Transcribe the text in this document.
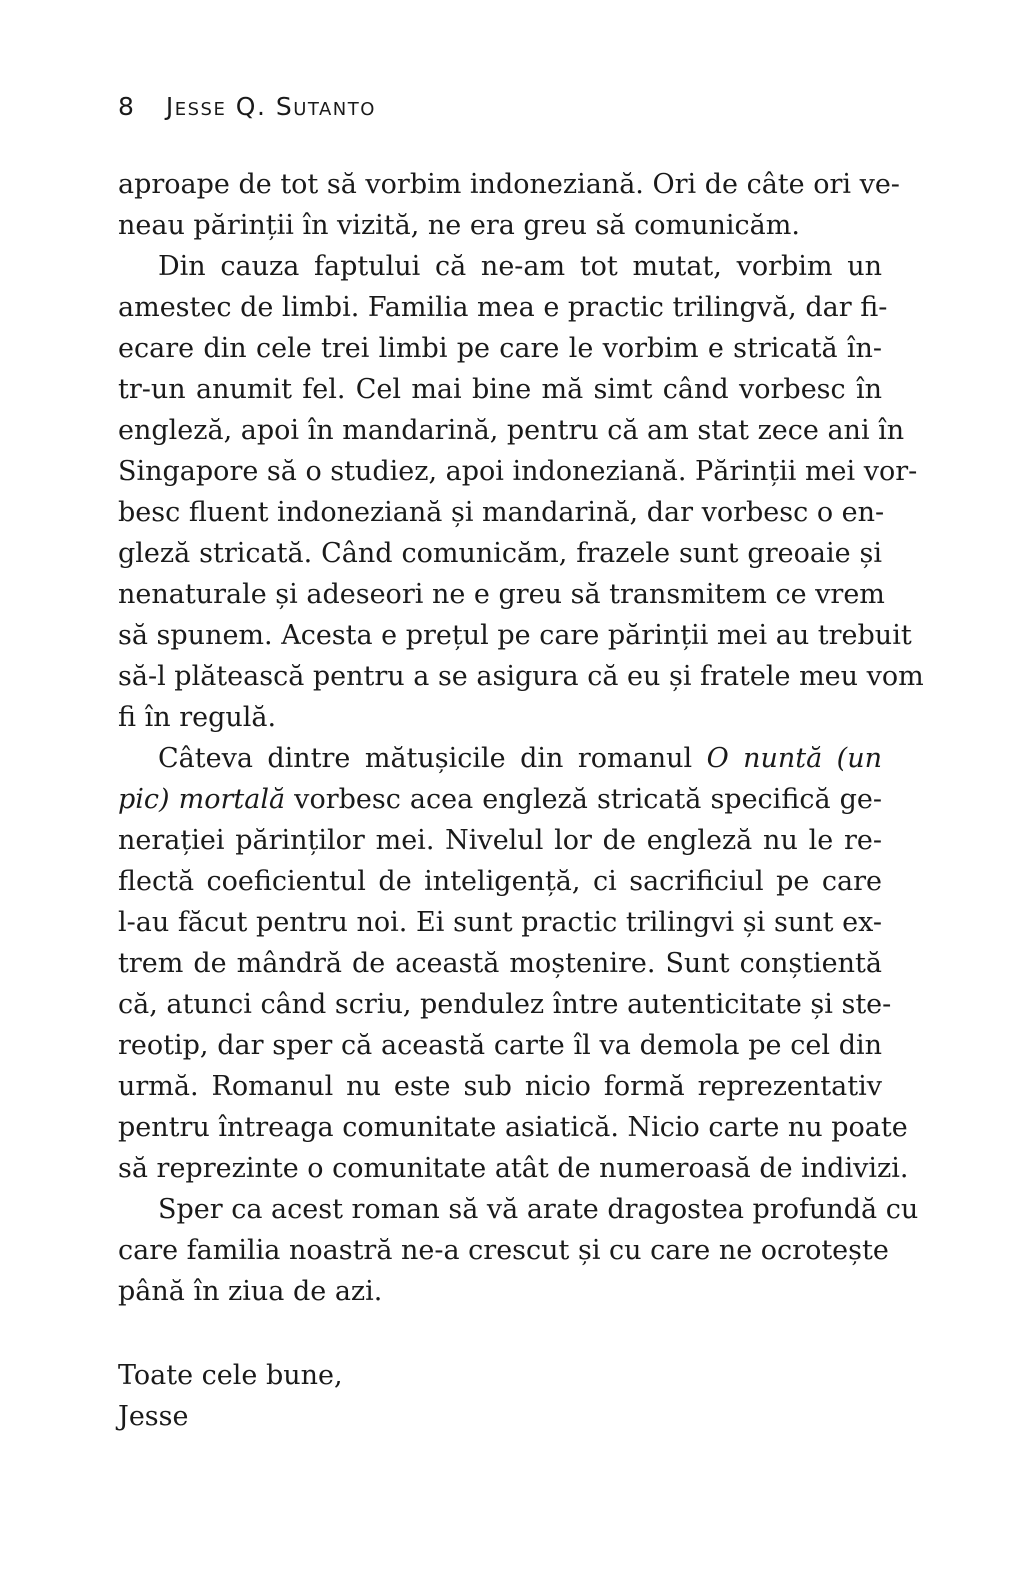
8 Jesse Q. Sutanto
aproape de tot să vorbim indoneziană. Ori de câte ori ve-
neau părinții în vizită, ne era greu să comunicăm.
Din cauza faptului că ne-am tot mutat, vorbim un
amestec de limbi. Familia mea e practic trilingvă, dar fi-
ecare din cele trei limbi pe care le vorbim e stricată în-
tr-un anumit fel. Cel mai bine mă simt când vorbesc în
engleză, apoi în mandarină, pentru că am stat zece ani în
Singapore să o studiez, apoi indoneziană. Părinții mei vor-
besc fluent indoneziană și mandarină, dar vorbesc o en-
gleză stricată. Când comunicăm, frazele sunt greoaie și
nenaturale și adeseori ne e greu să transmitem ce vrem
să spunem. Acesta e prețul pe care părinții mei au trebuit
să-l plătească pentru a se asigura că eu și fratele meu vom
fi în regulă.
Câteva dintre mătușicile din romanul O nuntă (un
pic) mortală vorbesc acea engleză stricată specifică ge-
nerației părinților mei. Nivelul lor de engleză nu le re-
flectă coeficientul de inteligență, ci sacrificiul pe care
l-au făcut pentru noi. Ei sunt practic trilingvi și sunt ex-
trem de mândră de această moștenire. Sunt conștientă
că, atunci când scriu, pendulez între autenticitate și ste-
reotip, dar sper că această carte îl va demola pe cel din
urmă. Romanul nu este sub nicio formă reprezentativ
pentru întreaga comunitate asiatică. Nicio carte nu poate
să reprezinte o comunitate atât de numeroasă de indivizi.
Sper ca acest roman să vă arate dragostea profundă cu
care familia noastră ne-a crescut și cu care ne ocrotește
până în ziua de azi.
Toate cele bune,
Jesse
